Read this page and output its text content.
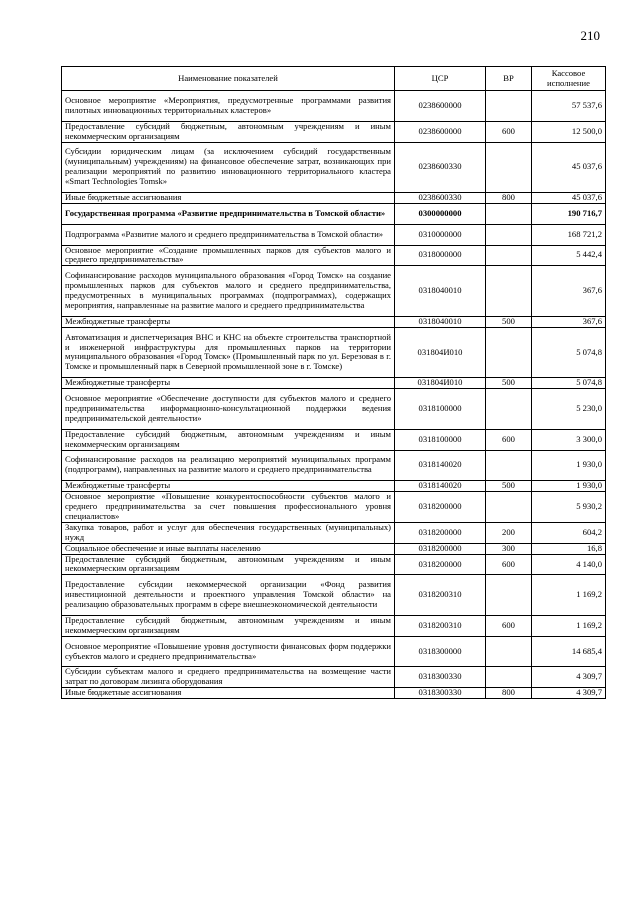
210
Наименование показателей	ЦСР	ВР	Кассовое исполнение
Основное мероприятие «Мероприятия, предусмотренные программами развития пилотных инновационных территориальных кластеров»	0238600000		57 537,6
Предоставление субсидий бюджетным, автономным учреждениям и иным некоммерческим организациям	0238600000	600	12 500,0
Субсидии юридическим лицам (за исключением субсидий государственным (муниципальным) учреждениям) на финансовое обеспечение затрат, возникающих при реализации мероприятий по развитию инновационного территориального кластера «Smart Technologies Tomsk»	0238600330		45 037,6
Иные бюджетные ассигнования	0238600330	800	45 037,6
Государственная программа «Развитие предпринимательства в Томской области»	0300000000		190 716,7
Подпрограмма «Развитие малого и среднего предпринимательства в Томской области»	0310000000		168 721,2
Основное мероприятие «Создание промышленных парков для субъектов малого и среднего предпринимательства»	0318000000		5 442,4
Софинансирование расходов муниципального образования «Город Томск» на создание промышленных парков для субъектов малого и среднего предпринимательства, предусмотренных в муниципальных программах (подпрограммах), содержащих мероприятия, направленные на развитие малого и среднего предпринимательства	0318040010		367,6
Межбюджетные трансферты	0318040010	500	367,6
Автоматизация и диспетчеризация ВНС и КНС на объекте строительства транспортной и инженерной инфраструктуры для промышленных парков на территории муниципального образования «Город Томск» (Промышленный парк по ул. Березовая в г. Томске и промышленный парк в Северной промышленной зоне в г. Томске)	031804И010		5 074,8
Межбюджетные трансферты	031804И010	500	5 074,8
Основное мероприятие «Обеспечение доступности для субъектов малого и среднего предпринимательства информационно-консультационной поддержки ведения предпринимательской деятельности»	0318100000		5 230,0
Предоставление субсидий бюджетным, автономным учреждениям и иным некоммерческим организациям	0318100000	600	3 300,0
Софинансирование расходов на реализацию мероприятий муниципальных программ (подпрограмм), направленных на развитие малого и среднего предпринимательства	0318140020		1 930,0
Межбюджетные трансферты	0318140020	500	1 930,0
Основное мероприятие «Повышение конкурентоспособности субъектов малого и среднего предпринимательства за счет повышения профессионального уровня специалистов»	0318200000		5 930,2
Закупка товаров, работ и услуг для обеспечения государственных (муниципальных) нужд	0318200000	200	604,2
Социальное обеспечение и иные выплаты населению	0318200000	300	16,8
Предоставление субсидий бюджетным, автономным учреждениям и иным некоммерческим организациям	0318200000	600	4 140,0
Предоставление субсидии некоммерческой организации «Фонд развития инвестиционной деятельности и проектного управления Томской области» на реализацию образовательных программ в сфере внешнеэкономической деятельности	0318200310		1 169,2
Предоставление субсидий бюджетным, автономным учреждениям и иным некоммерческим организациям	0318200310	600	1 169,2
Основное мероприятие «Повышение уровня доступности финансовых форм поддержки субъектов малого и среднего предпринимательства»	0318300000		14 685,4
Субсидии субъектам малого и среднего предпринимательства на возмещение части затрат по договорам лизинга оборудования	0318300330		4 309,7
Иные бюджетные ассигнования	0318300330	800	4 309,7
